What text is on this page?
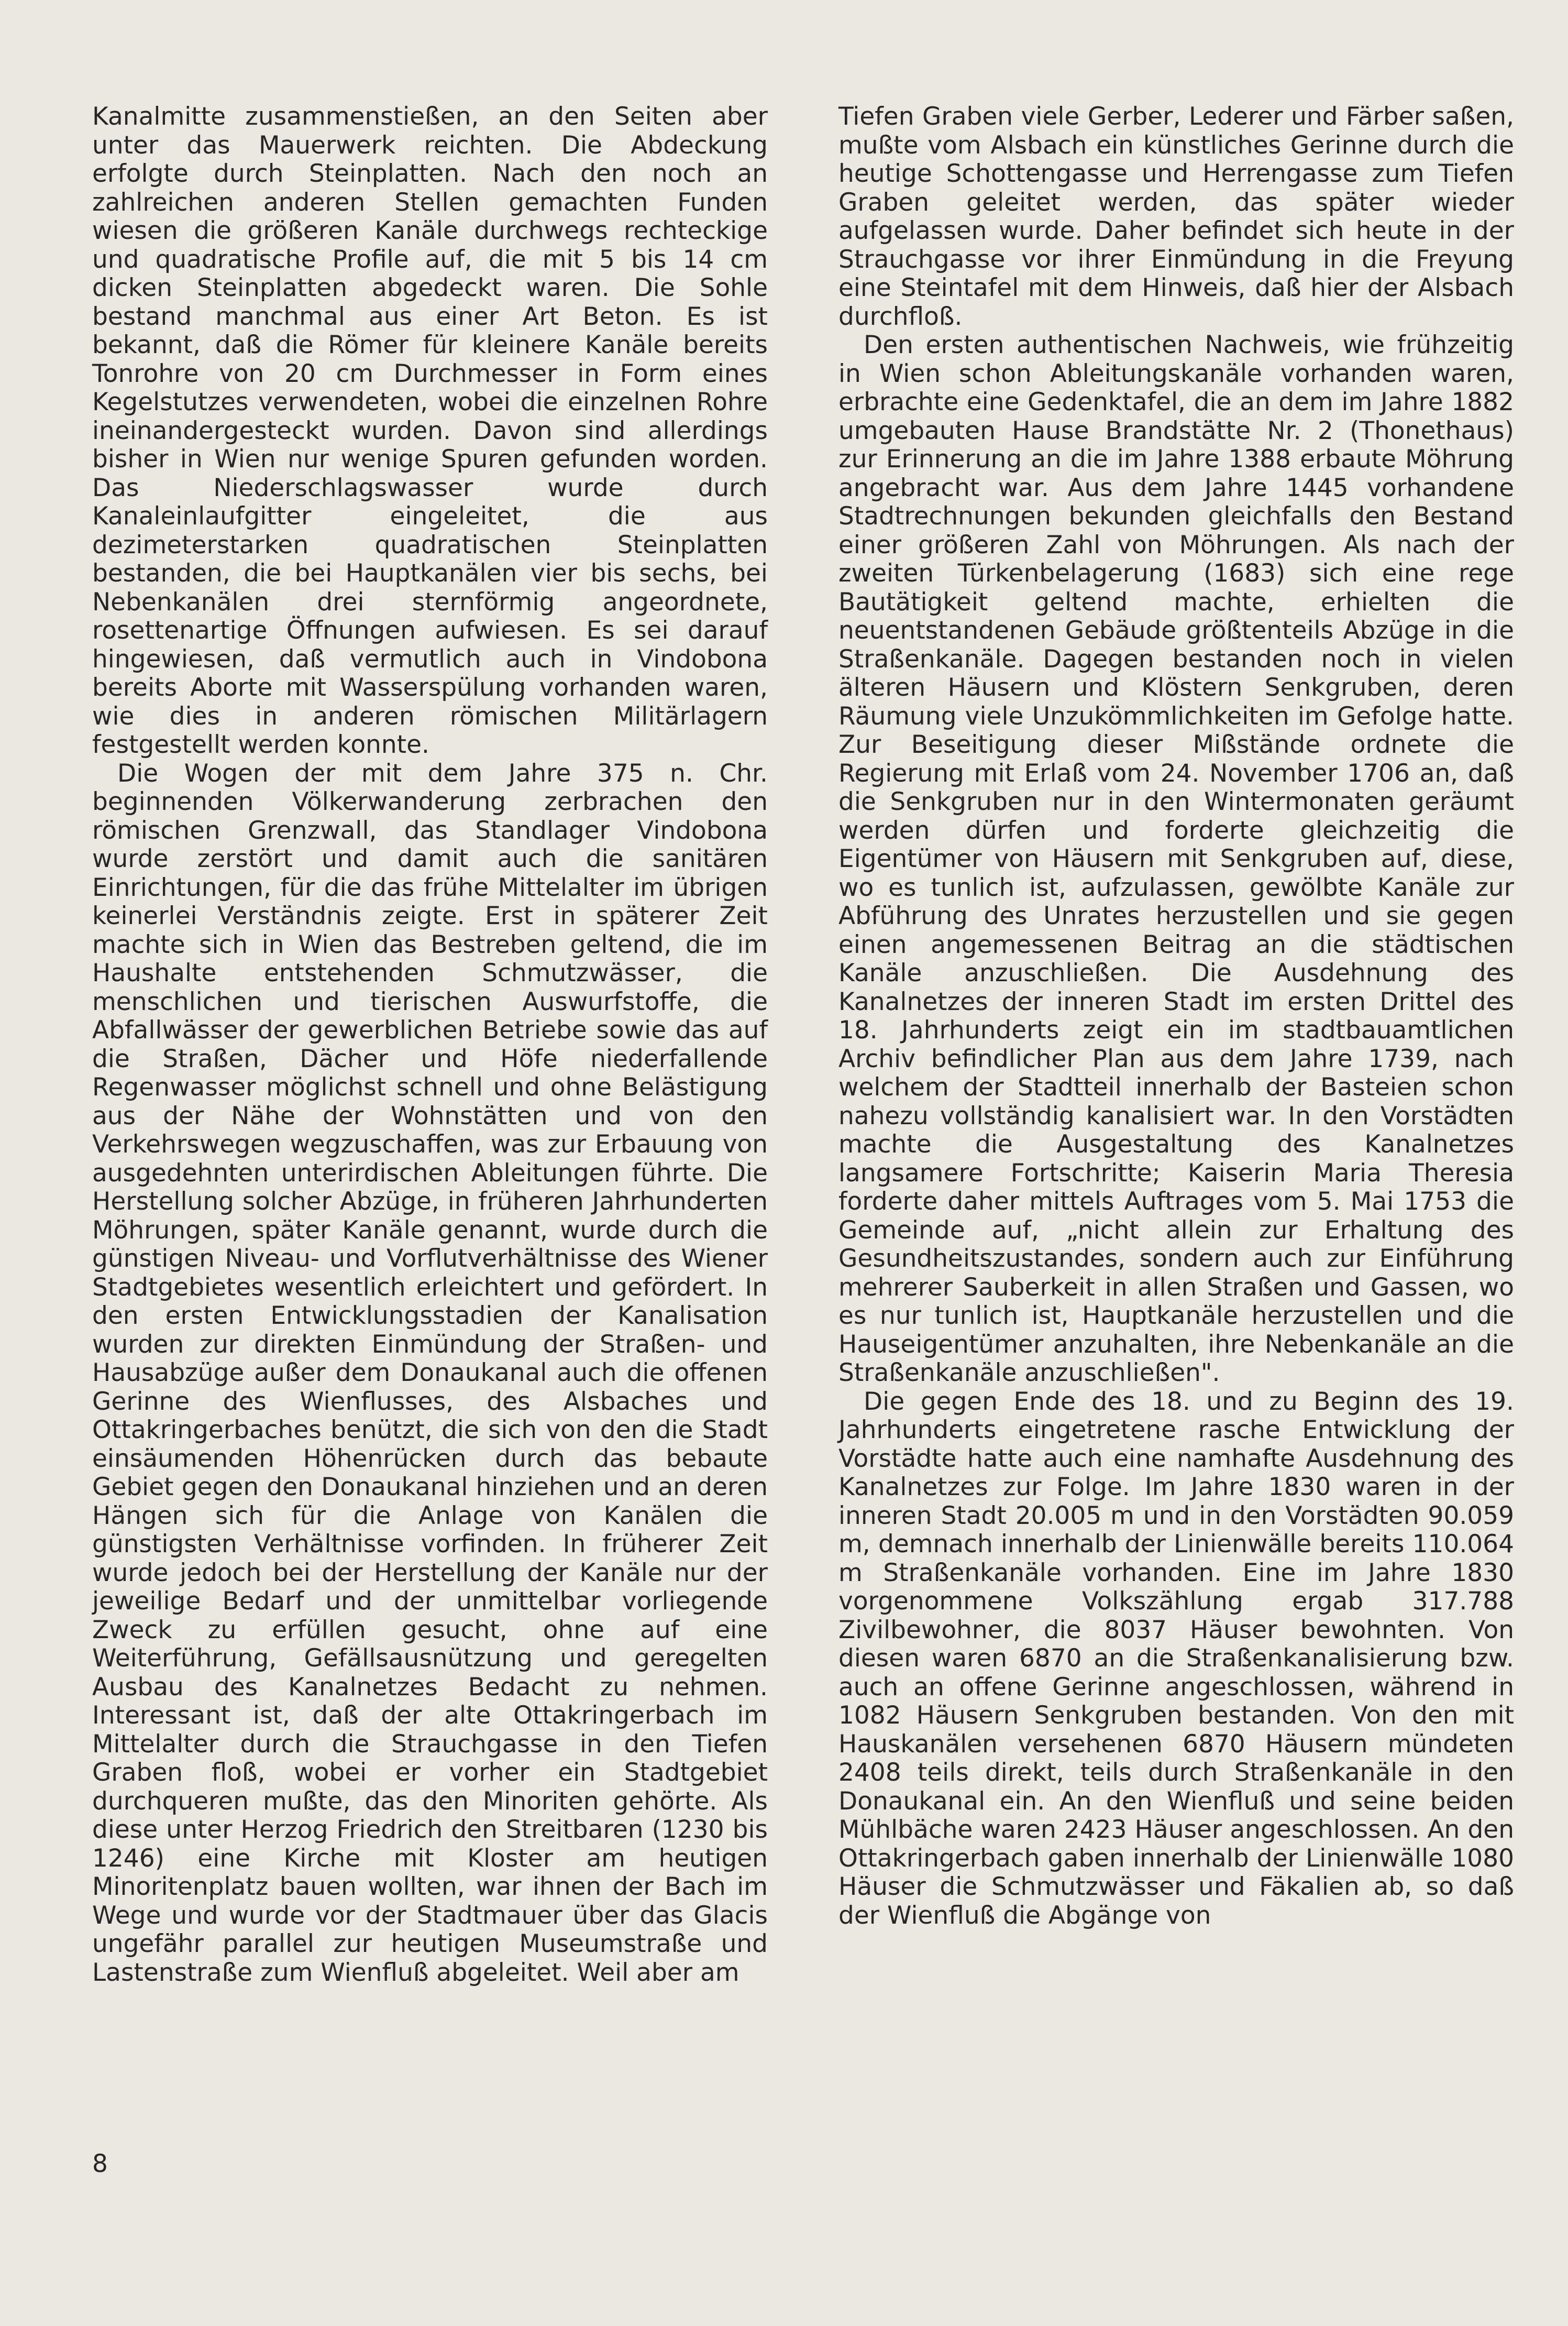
Kanalmitte zusammenstießen, an den Seiten aber unter das Mauerwerk reichten. Die Abdeckung erfolgte durch Steinplatten. Nach den noch an zahlreichen anderen Stellen gemachten Funden wiesen die größeren Kanäle durchwegs rechteckige und quadratische Profile auf, die mit 5 bis 14 cm dicken Steinplatten abgedeckt waren. Die Sohle bestand manchmal aus einer Art Beton. Es ist bekannt, daß die Römer für kleinere Kanäle bereits Tonrohre von 20 cm Durchmesser in Form eines Kegelstutzes verwendeten, wobei die einzelnen Rohre ineinandergesteckt wurden. Davon sind allerdings bisher in Wien nur wenige Spuren gefunden worden. Das Niederschlagswasser wurde durch Kanaleinlaufgitter eingeleitet, die aus dezimeterstarken quadratischen Steinplatten bestanden, die bei Hauptkanälen vier bis sechs, bei Nebenkanälen drei sternförmig angeordnete, rosettenartige Öffnungen aufwiesen. Es sei darauf hingewiesen, daß vermutlich auch in Vindobona bereits Aborte mit Wasserspülung vorhanden waren, wie dies in anderen römischen Militärlagern festgestellt werden konnte.

Die Wogen der mit dem Jahre 375 n. Chr. beginnenden Völkerwanderung zerbrachen den römischen Grenzwall, das Standlager Vindobona wurde zerstört und damit auch die sanitären Einrichtungen, für die das frühe Mittelalter im übrigen keinerlei Verständnis zeigte. Erst in späterer Zeit machte sich in Wien das Bestreben geltend, die im Haushalte entstehenden Schmutzwässer, die menschlichen und tierischen Auswurfstoffe, die Abfallwässer der gewerblichen Betriebe sowie das auf die Straßen, Dächer und Höfe niederfallende Regenwasser möglichst schnell und ohne Belästigung aus der Nähe der Wohnstätten und von den Verkehrswegen wegzuschaffen, was zur Erbauung von ausgedehnten unterirdischen Ableitungen führte. Die Herstellung solcher Abzüge, in früheren Jahrhunderten Möhrungen, später Kanäle genannt, wurde durch die günstigen Niveau- und Vorflutverhältnisse des Wiener Stadtgebietes wesentlich erleichtert und gefördert. In den ersten Entwicklungsstadien der Kanalisation wurden zur direkten Einmündung der Straßen- und Hausabzüge außer dem Donaukanal auch die offenen Gerinne des Wienflusses, des Alsbaches und Ottakringerbaches benützt, die sich von den die Stadt einsäumenden Höhenrücken durch das bebaute Gebiet gegen den Donaukanal hinziehen und an deren Hängen sich für die Anlage von Kanälen die günstigsten Verhältnisse vorfinden. In früherer Zeit wurde jedoch bei der Herstellung der Kanäle nur der jeweilige Bedarf und der unmittelbar vorliegende Zweck zu erfüllen gesucht, ohne auf eine Weiterführung, Gefällsausnützung und geregelten Ausbau des Kanalnetzes Bedacht zu nehmen. Interessant ist, daß der alte Ottakringerbach im Mittelalter durch die Strauchgasse in den Tiefen Graben floß, wobei er vorher ein Stadtgebiet durchqueren mußte, das den Minoriten gehörte. Als diese unter Herzog Friedrich den Streitbaren (1230 bis 1246) eine Kirche mit Kloster am heutigen Minoritenplatz bauen wollten, war ihnen der Bach im Wege und wurde vor der Stadtmauer über das Glacis ungefähr parallel zur heutigen Museumstraße und Lastenstraße zum Wienfluß abgeleitet. Weil aber am

Tiefen Graben viele Gerber, Lederer und Färber saßen, mußte vom Alsbach ein künstliches Gerinne durch die heutige Schottengasse und Herrengasse zum Tiefen Graben geleitet werden, das später wieder aufgelassen wurde. Daher befindet sich heute in der Strauchgasse vor ihrer Einmündung in die Freyung eine Steintafel mit dem Hinweis, daß hier der Alsbach durchfloß.

Den ersten authentischen Nachweis, wie frühzeitig in Wien schon Ableitungskanäle vorhanden waren, erbrachte eine Gedenktafel, die an dem im Jahre 1882 umgebauten Hause Brandstätte Nr. 2 (Thonethaus) zur Erinnerung an die im Jahre 1388 erbaute Möhrung angebracht war. Aus dem Jahre 1445 vorhandene Stadtrechnungen bekunden gleichfalls den Bestand einer größeren Zahl von Möhrungen. Als nach der zweiten Türkenbelagerung (1683) sich eine rege Bautätigkeit geltend machte, erhielten die neuentstandenen Gebäude größtenteils Abzüge in die Straßenkanäle. Dagegen bestanden noch in vielen älteren Häusern und Klöstern Senkgruben, deren Räumung viele Unzukömmlichkeiten im Gefolge hatte. Zur Beseitigung dieser Mißstände ordnete die Regierung mit Erlaß vom 24. November 1706 an, daß die Senkgruben nur in den Wintermonaten geräumt werden dürfen und forderte gleichzeitig die Eigentümer von Häusern mit Senkgruben auf, diese, wo es tunlich ist, aufzulassen, gewölbte Kanäle zur Abführung des Unrates herzustellen und sie gegen einen angemessenen Beitrag an die städtischen Kanäle anzuschließen. Die Ausdehnung des Kanalnetzes der inneren Stadt im ersten Drittel des 18. Jahrhunderts zeigt ein im stadtbauamtlichen Archiv befindlicher Plan aus dem Jahre 1739, nach welchem der Stadtteil innerhalb der Basteien schon nahezu vollständig kanalisiert war. In den Vorstädten machte die Ausgestaltung des Kanalnetzes langsamere Fortschritte; Kaiserin Maria Theresia forderte daher mittels Auftrages vom 5. Mai 1753 die Gemeinde auf, „nicht allein zur Erhaltung des Gesundheitszustandes, sondern auch zur Einführung mehrerer Sauberkeit in allen Straßen und Gassen, wo es nur tunlich ist, Hauptkanäle herzustellen und die Hauseigentümer anzuhalten, ihre Nebenkanäle an die Straßenkanäle anzuschließen".

Die gegen Ende des 18. und zu Beginn des 19. Jahrhunderts eingetretene rasche Entwicklung der Vorstädte hatte auch eine namhafte Ausdehnung des Kanalnetzes zur Folge. Im Jahre 1830 waren in der inneren Stadt 20.005 m und in den Vorstädten 90.059 m, demnach innerhalb der Linienwälle bereits 110.064 m Straßenkanäle vorhanden. Eine im Jahre 1830 vorgenommene Volkszählung ergab 317.788 Zivilbewohner, die 8037 Häuser bewohnten. Von diesen waren 6870 an die Straßenkanalisierung bzw. auch an offene Gerinne angeschlossen, während in 1082 Häusern Senkgruben bestanden. Von den mit Hauskanälen versehenen 6870 Häusern mündeten 2408 teils direkt, teils durch Straßenkanäle in den Donaukanal ein. An den Wienfluß und seine beiden Mühlbäche waren 2423 Häuser angeschlossen. An den Ottakringerbach gaben innerhalb der Linienwälle 1080 Häuser die Schmutzwässer und Fäkalien ab, so daß der Wienfluß die Abgänge von

8
